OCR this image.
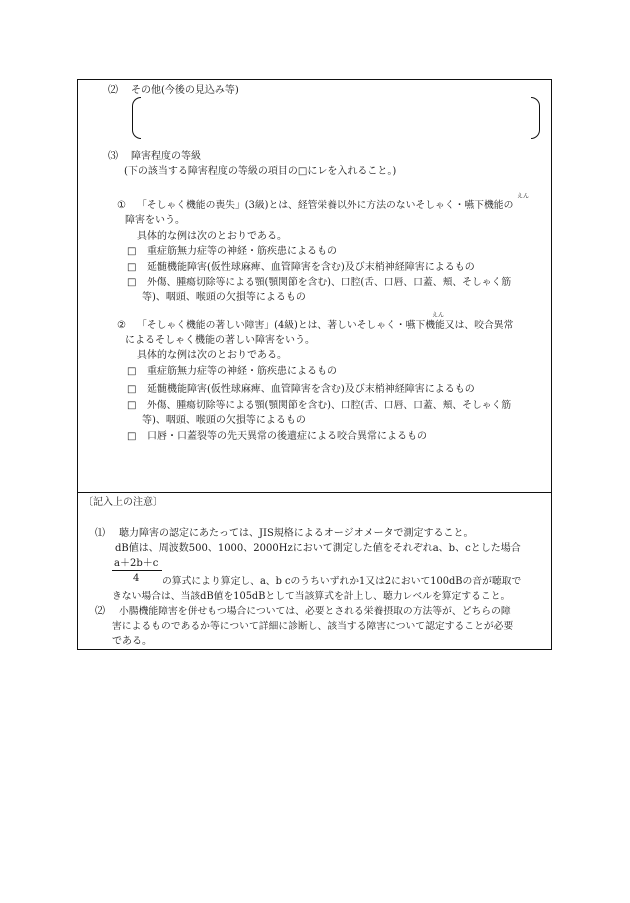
⑵ その他(今後の見込み等)
⑶ 障害程度の等級
(下の該当する障害程度の等級の項目の□にレを入れること。)
えん
① 「そしゃく機能の喪失」(3級)とは、経管栄養以外に方法のないそしゃく・嚥下機能の
障害をいう。
具体的な例は次のとおりである。
□ 重症筋無力症等の神経・筋疾患によるもの
□ 延髄機能障害(仮性球麻痺、血管障害を含む)及び末梢神経障害によるもの
□ 外傷、腫瘍切除等による顎(顎関節を含む)、口腔(舌、口唇、口蓋、頬、そしゃく筋
等)、咽頭、喉頭の欠損等によるもの
えん
② 「そしゃく機能の著しい障害」(4級)とは、著しいそしゃく・嚥下機能又は、咬合異常
によるそしゃく機能の著しい障害をいう。
具体的な例は次のとおりである。
□ 重症筋無力症等の神経・筋疾患によるもの
□ 延髄機能障害(仮性球麻痺、血管障害を含む)及び末梢神経障害によるもの
□ 外傷、腫瘍切除等による顎(顎関節を含む)、口腔(舌、口唇、口蓋、頬、そしゃく筋
等)、咽頭、喉頭の欠損等によるもの
□ 口唇・口蓋裂等の先天異常の後遺症による咬合異常によるもの
〔記入上の注意〕
⑴ 聴力障害の認定にあたっては、JIS規格によるオージオメータで測定すること。
dB値は、周波数500、1000、2000Hzにおいて測定した値をそれぞれa、b、cとした場合
a＋2b＋c
4 の算式により算定し、a、b cのうちいずれか1又は2において100dBの音が聴取で
きない場合は、当該dB値を105dBとして当該算式を計上し、聴力レベルを算定すること。
⑵ 小腸機能障害を併せもつ場合については、必要とされる栄養摂取の方法等が、どちらの障
害によるものであるか等について詳細に診断し、該当する障害について認定することが必要
である。
